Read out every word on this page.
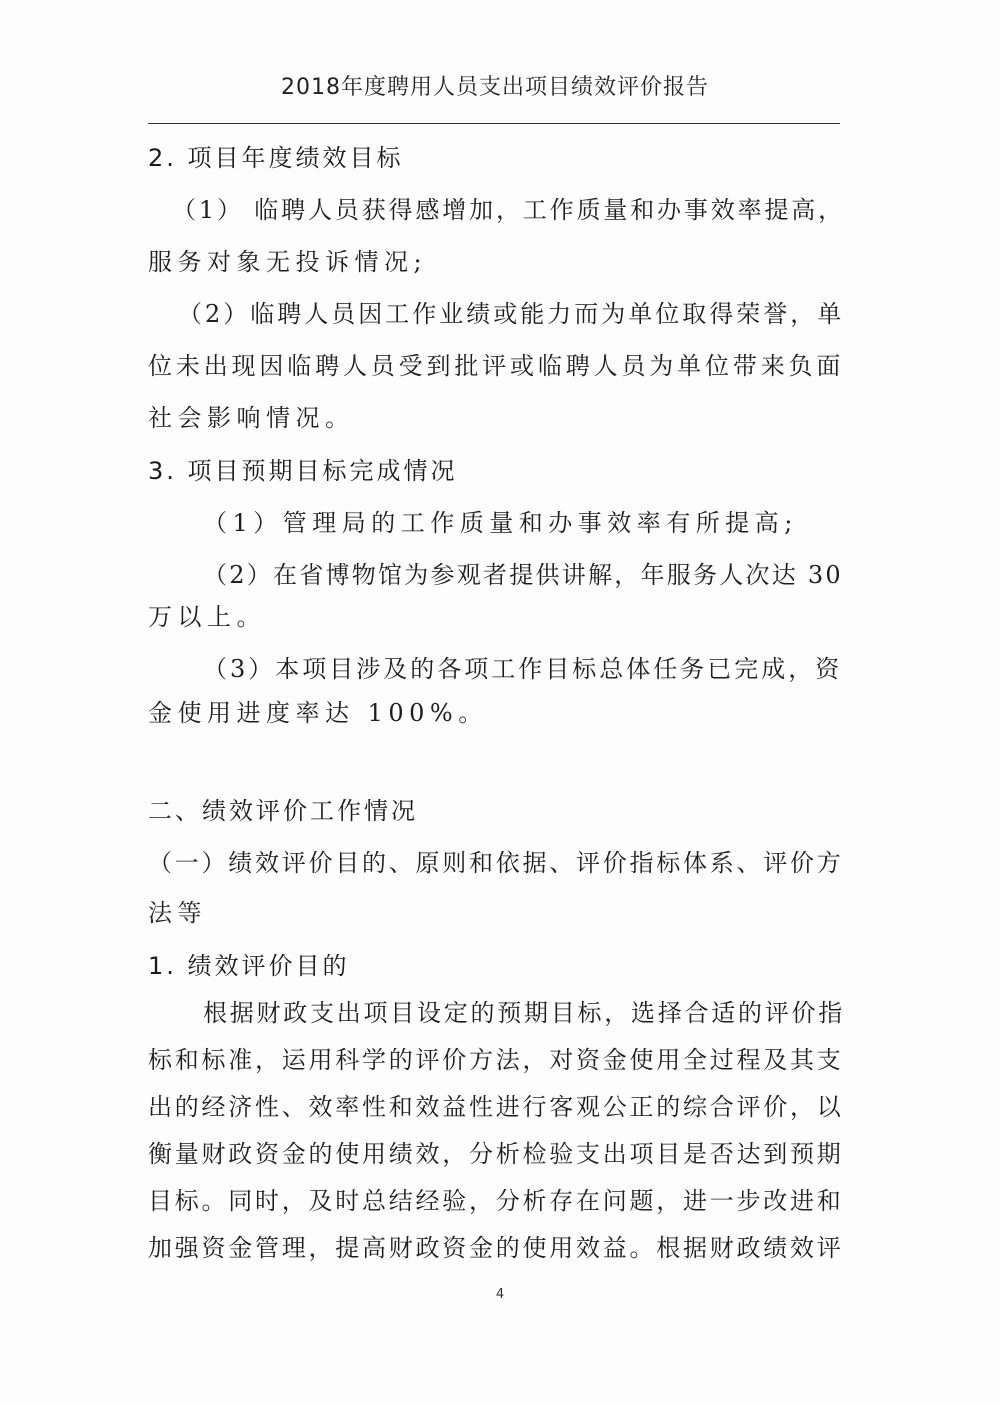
2018年度聘用人员支出项目绩效评价报告
2. 项目年度绩效目标
（1） 临聘人员获得感增加，工作质量和办事效率提高，
服务对象无投诉情况;
（2）临聘人员因工作业绩或能力而为单位取得荣誉，单
位未出现因临聘人员受到批评或临聘人员为单位带来负面
社会影响情况。
3. 项目预期目标完成情况
（1）管理局的工作质量和办事效率有所提高;
（2）在省博物馆为参观者提供讲解，年服务人次达 30
万以上。
（3）本项目涉及的各项工作目标总体任务已完成，资
金使用进度率达 100%。
二、绩效评价工作情况
（一）绩效评价目的、原则和依据、评价指标体系、评价方
法等
1. 绩效评价目的
根据财政支出项目设定的预期目标，选择合适的评价指
标和标准，运用科学的评价方法，对资金使用全过程及其支
出的经济性、效率性和效益性进行客观公正的综合评价，以
衡量财政资金的使用绩效，分析检验支出项目是否达到预期
目标。同时，及时总结经验，分析存在问题，进一步改进和
加强资金管理，提高财政资金的使用效益。根据财政绩效评
4
